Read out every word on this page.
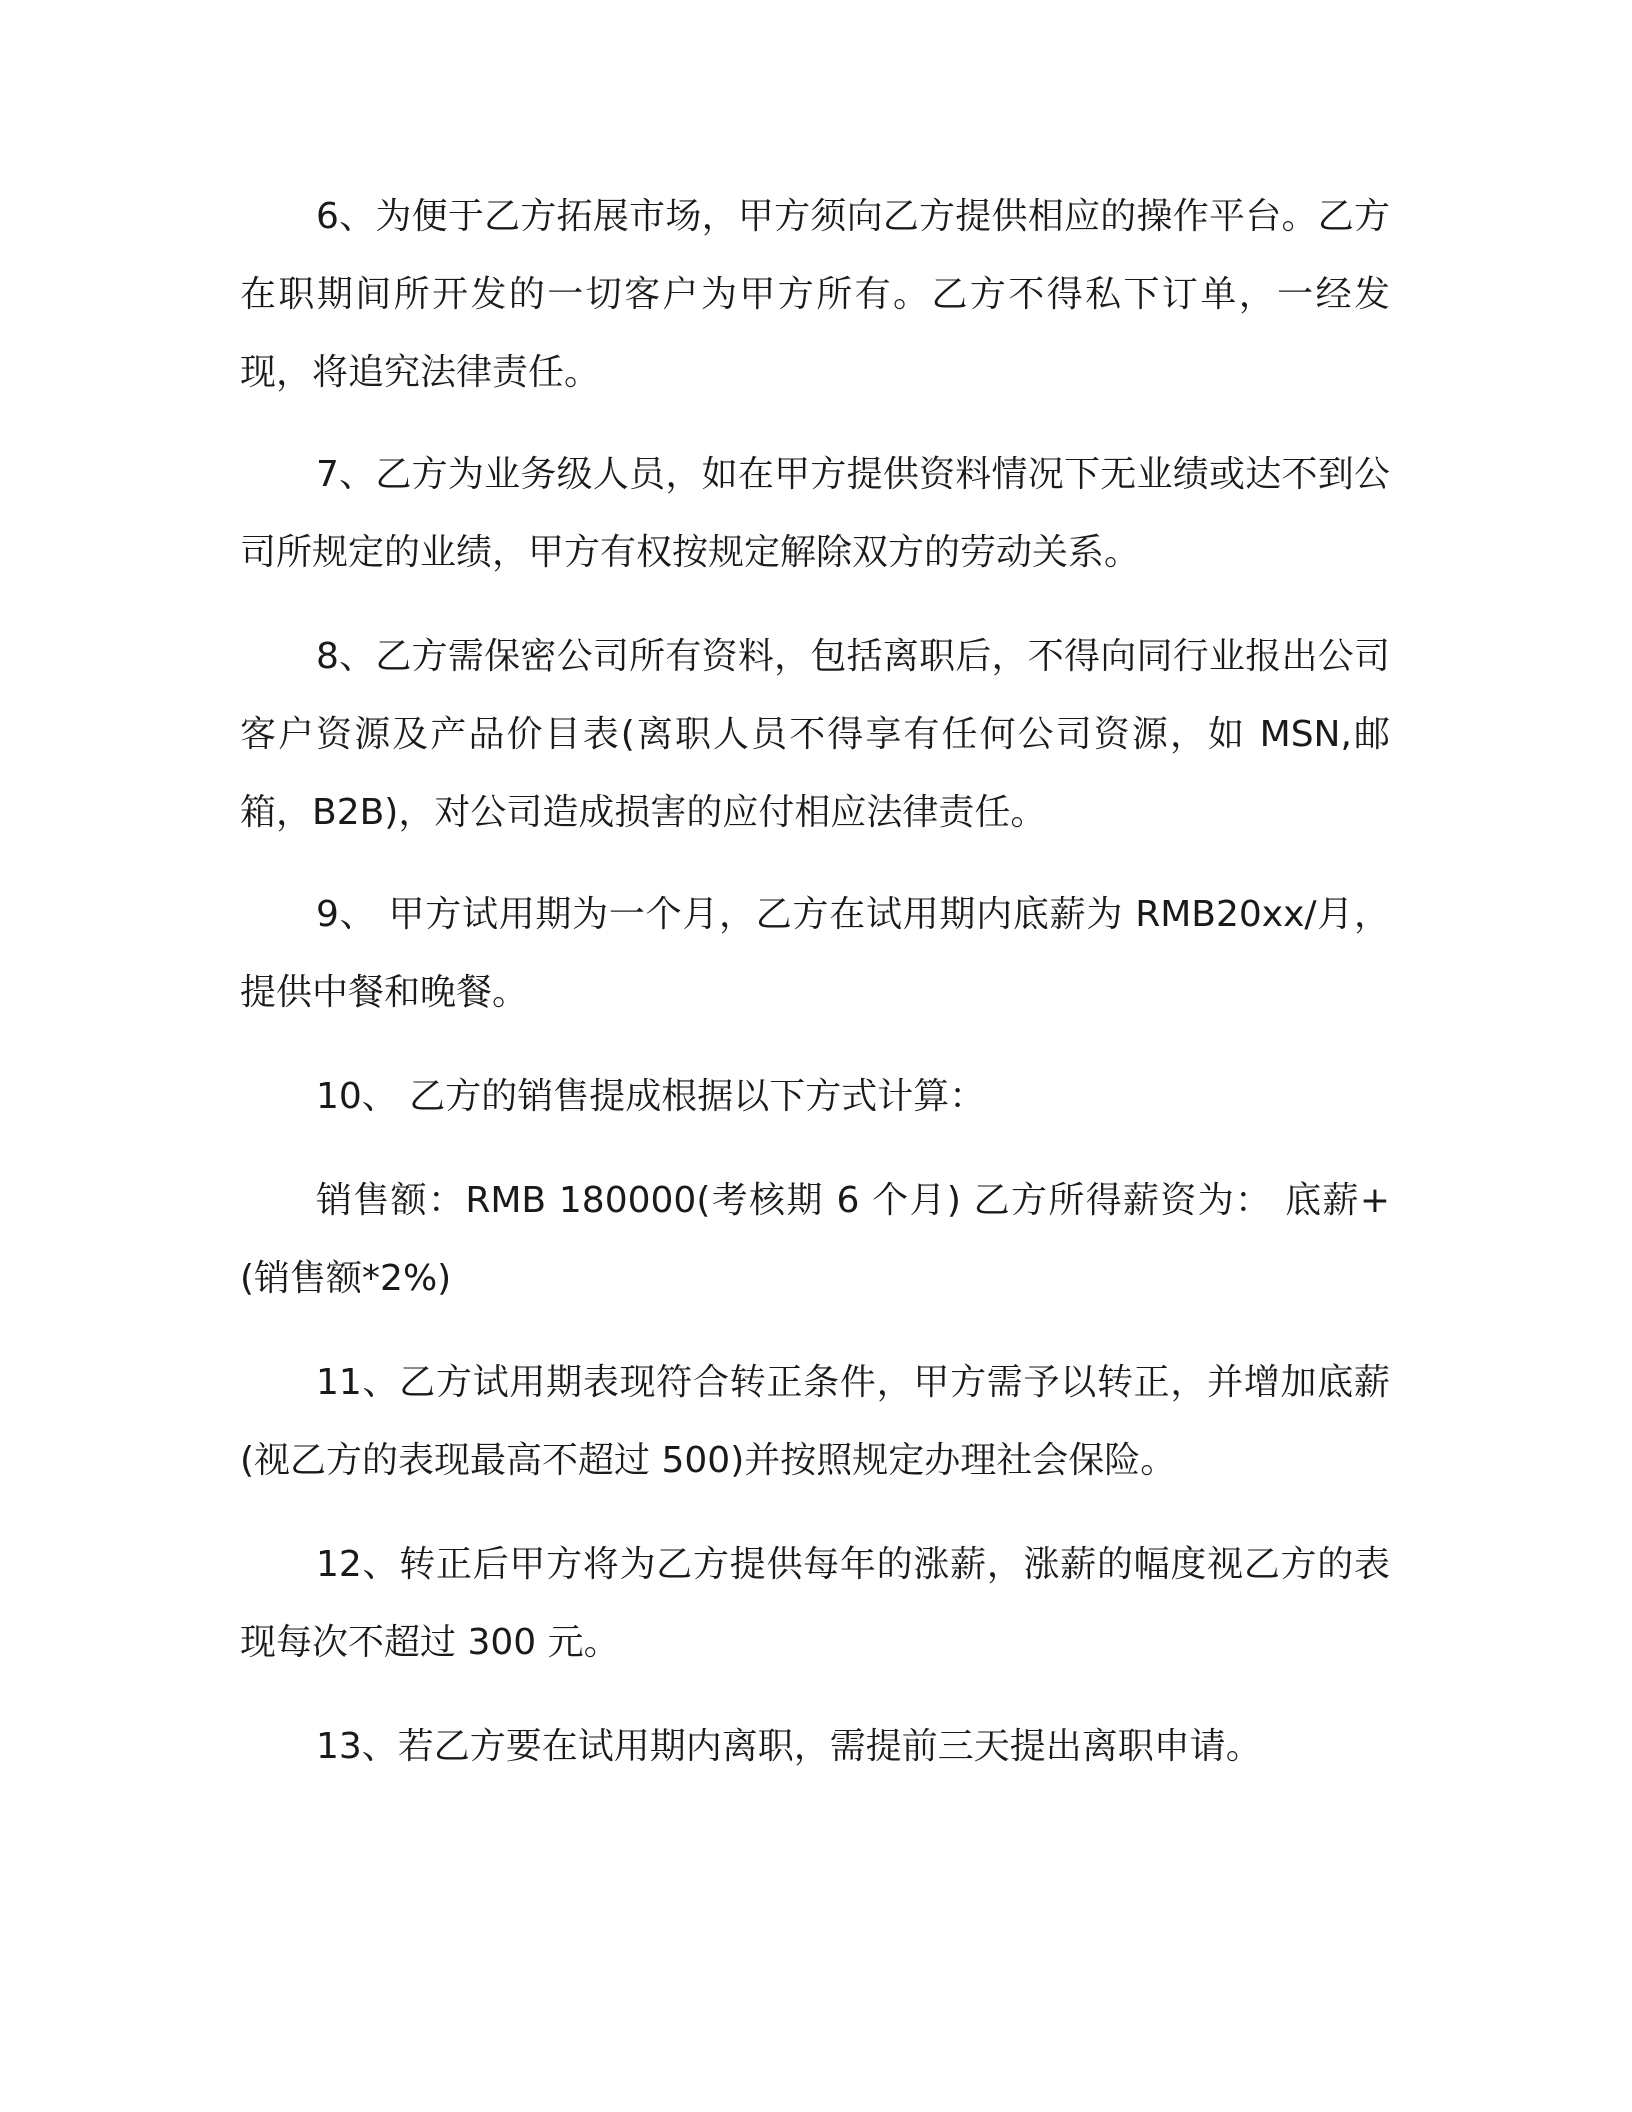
6、为便于乙方拓展市场，甲方须向乙方提供相应的操作平台。乙方在职期间所开发的一切客户为甲方所有。乙方不得私下订单，一经发现，将追究法律责任。

7、乙方为业务级人员，如在甲方提供资料情况下无业绩或达不到公司所规定的业绩，甲方有权按规定解除双方的劳动关系。

8、乙方需保密公司所有资料，包括离职后，不得向同行业报出公司客户资源及产品价目表(离职人员不得享有任何公司资源，如 MSN,邮箱，B2B)，对公司造成损害的应付相应法律责任。

9、 甲方试用期为一个月，乙方在试用期内底薪为 RMB20xx/月，提供中餐和晚餐。

10、 乙方的销售提成根据以下方式计算：

销售额：RMB 180000(考核期 6 个月) 乙方所得薪资为： 底薪+(销售额*2%)

11、乙方试用期表现符合转正条件，甲方需予以转正，并增加底薪 (视乙方的表现最高不超过 500)并按照规定办理社会保险。

12、转正后甲方将为乙方提供每年的涨薪，涨薪的幅度视乙方的表现每次不超过 300 元。

13、若乙方要在试用期内离职，需提前三天提出离职申请。
